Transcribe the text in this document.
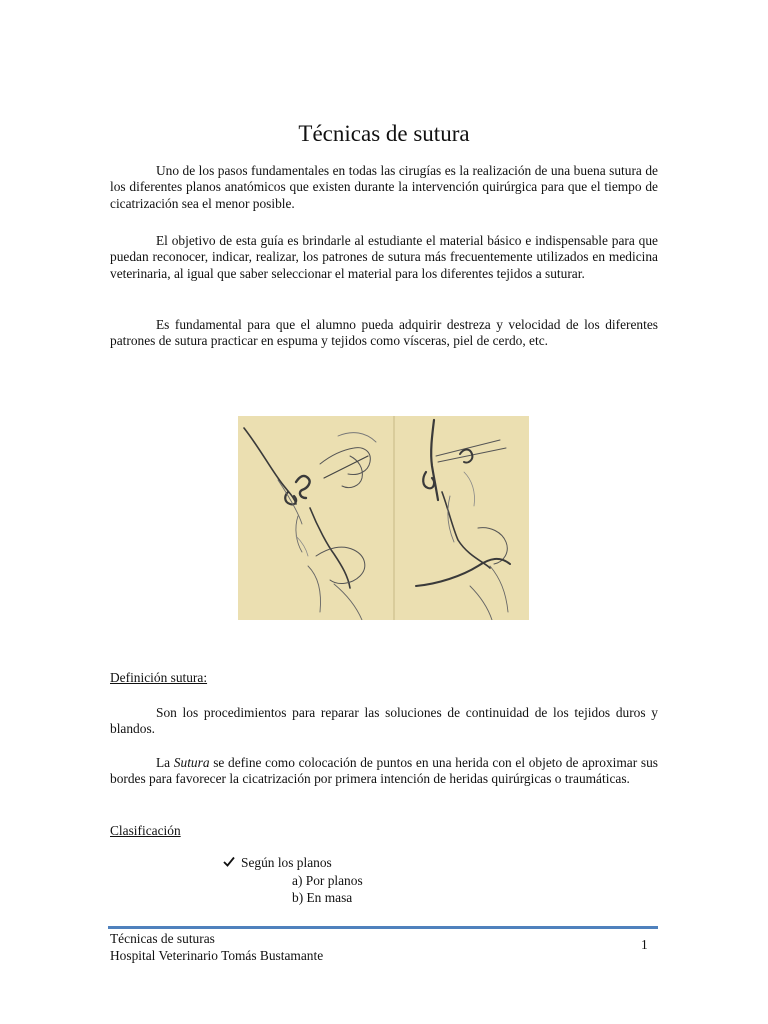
Técnicas de sutura

Uno de los pasos fundamentales en todas las cirugías es la realización de una buena sutura de los diferentes planos anatómicos que existen durante la intervención quirúrgica para que el tiempo de cicatrización sea el menor posible.

El objetivo de esta guía es brindarle al estudiante el material básico e indispensable para que puedan reconocer, indicar, realizar, los patrones de sutura más frecuentemente utilizados en medicina veterinaria, al igual que saber seleccionar el material para los diferentes tejidos a suturar.

Es fundamental para que el alumno pueda adquirir destreza y velocidad de los diferentes patrones de sutura practicar en espuma y tejidos como vísceras, piel de cerdo, etc.

Definición sutura:

Son los procedimientos para reparar las soluciones de continuidad de los tejidos duros y blandos.

La Sutura se define como colocación de puntos en una herida con el objeto de aproximar sus bordes para favorecer la cicatrización por primera intención de heridas quirúrgicas o traumáticas.

Clasificación
Según los planos
a) Por planos
b) En masa
Técnicas de suturas
Hospital Veterinario Tomás Bustamante
1
